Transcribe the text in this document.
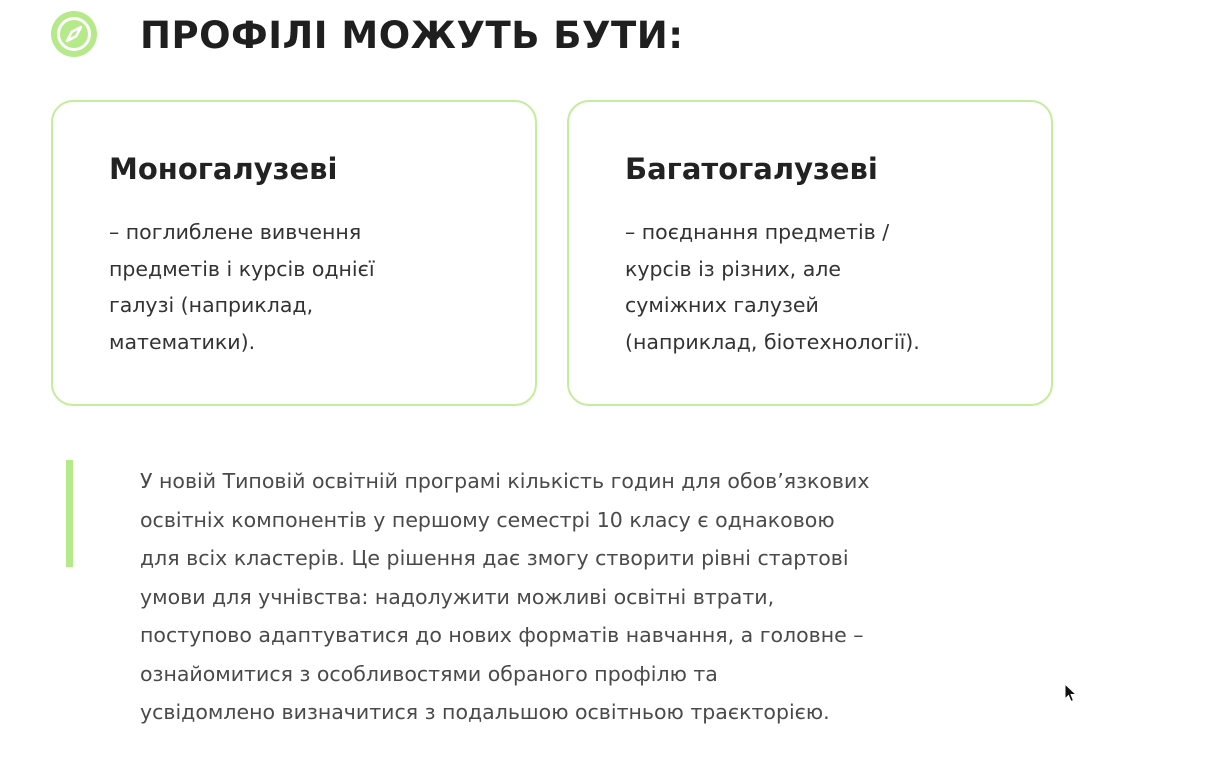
ПРОФІЛІ МОЖУТЬ БУТИ:
Моногалузеві

– поглиблене вивчення
предметів і курсів однієї
галузі (наприклад,
математики).

Багатогалузеві

– поєднання предметів /
курсів із різних, але
суміжних галузей
(наприклад, біотехнології).

У новій Типовій освітній програмі кількість годин для обов’язкових
освітніх компонентів у першому семестрі 10 класу є однаковою
для всіх кластерів. Це рішення дає змогу створити рівні стартові
умови для учнівства: надолужити можливі освітні втрати,
поступово адаптуватися до нових форматів навчання, а головне –
ознайомитися з особливостями обраного профілю та
усвідомлено визначитися з подальшою освітньою траєкторією.
